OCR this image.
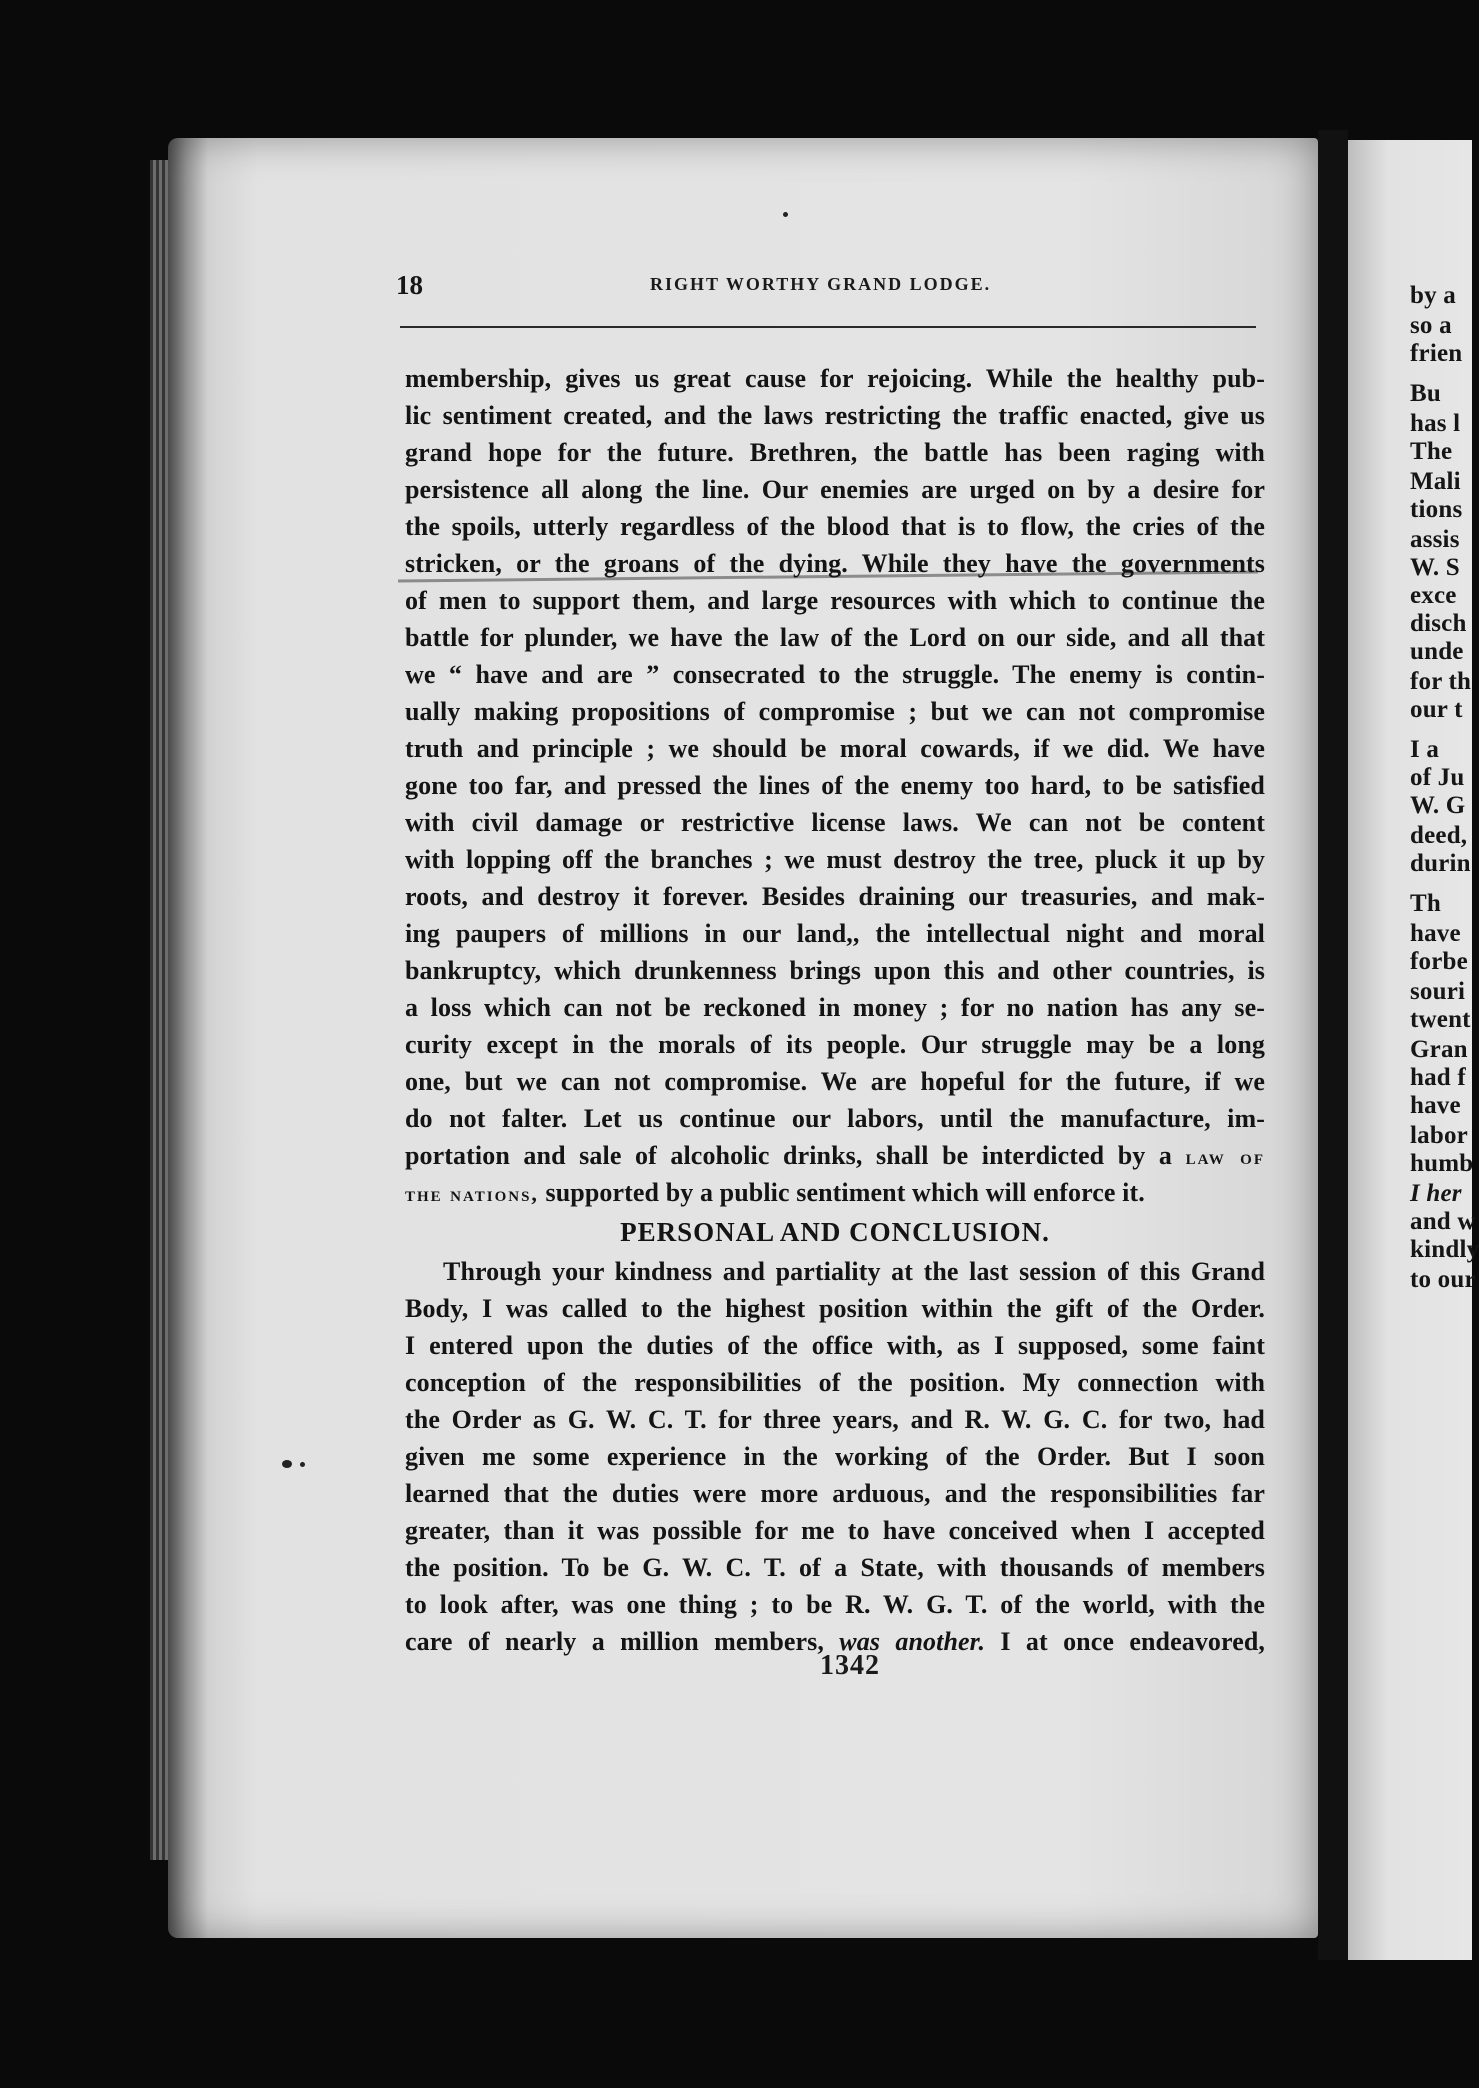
by a
so a
frien
Bu
has l
The
Mali
tions
assis
W. S
exce
disch
unde
for th
our t
I a
of Ju
W. G
deed,
durin
Th
have
forbe
souri
twent
Gran
had f
have
labor
humb
I her
and w
kindly
to our
18	RIGHT WORTHY GRAND LODGE.
membership, gives us great cause for rejoicing. While the healthy pub-
lic sentiment created, and the laws restricting the traffic enacted, give us
grand hope for the future. Brethren, the battle has been raging with
persistence all along the line. Our enemies are urged on by a desire for
the spoils, utterly regardless of the blood that is to flow, the cries of the
stricken, or the groans of the dying. While they have the governments
of men to support them, and large resources with which to continue the
battle for plunder, we have the law of the Lord on our side, and all that
we “ have and are ” consecrated to the struggle. The enemy is contin-
ually making propositions of compromise ; but we can not compromise
truth and principle ; we should be moral cowards, if we did. We have
gone too far, and pressed the lines of the enemy too hard, to be satisfied
with civil damage or restrictive license laws. We can not be content
with lopping off the branches ; we must destroy the tree, pluck it up by
roots, and destroy it forever. Besides draining our treasuries, and mak-
ing paupers of millions in our land,, the intellectual night and moral
bankruptcy, which drunkenness brings upon this and other countries, is
a loss which can not be reckoned in money ; for no nation has any se-
curity except in the morals of its people. Our struggle may be a long
one, but we can not compromise. We are hopeful for the future, if we
do not falter. Let us continue our labors, until the manufacture, im-
portation and sale of alcoholic drinks, shall be interdicted by a law of
the nations, supported by a public sentiment which will enforce it.
PERSONAL AND CONCLUSION.
Through your kindness and partiality at the last session of this Grand
Body, I was called to the highest position within the gift of the Order.
I entered upon the duties of the office with, as I supposed, some faint
conception of the responsibilities of the position. My connection with
the Order as G. W. C. T. for three years, and R. W. G. C. for two, had
given me some experience in the working of the Order. But I soon
learned that the duties were more arduous, and the responsibilities far
greater, than it was possible for me to have conceived when I accepted
the position. To be G. W. C. T. of a State, with thousands of members
to look after, was one thing ; to be R. W. G. T. of the world, with the
care of nearly a million members, was another. I at once endeavored,
1342
